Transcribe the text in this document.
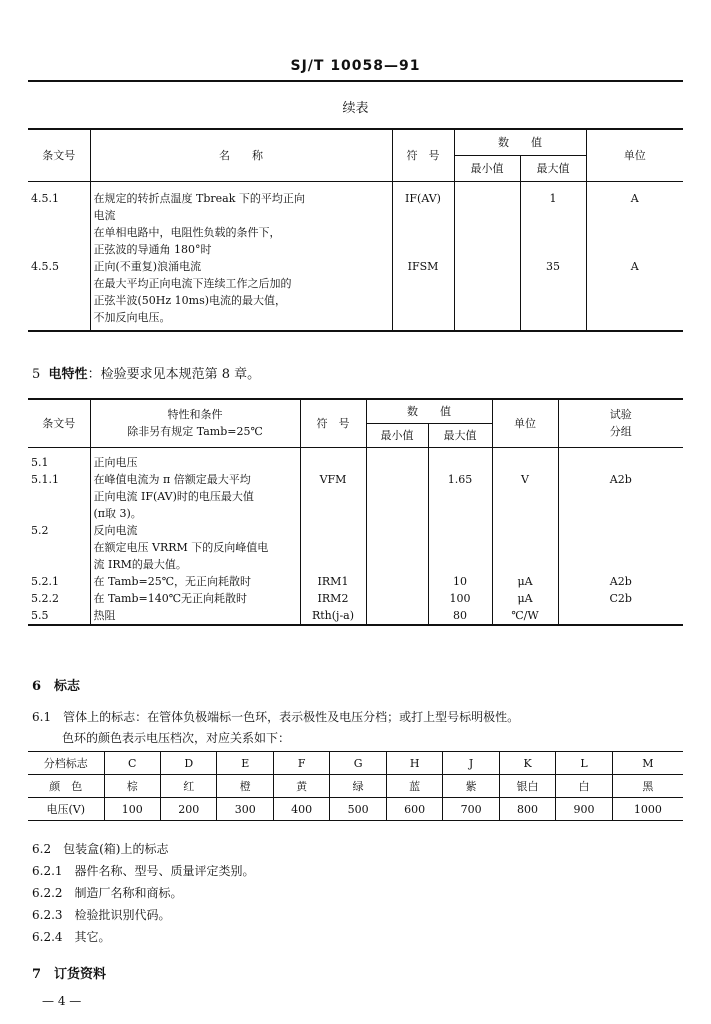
SJ/T 10058—91
续表
条文号	名　　称	符　号	数　　值		单位
			最小值	最大值	

4.5.1	在规定的转折点温度 Tbreak 下的平均正向
电流	IF(AV)		1	A

	在单相电路中，电阻性负载的条件下，
正弦波的导通角 180°时				

4.5.5	正向(不重复)浪涌电流
在最大平均正向电流下连续工作之后加的
正弦半波(50Hz 10ms)电流的最大值，
不加反向电压。	IFSM		35	A
5 电特性：检验要求见本规范第 8 章。
条文号	特性和条件
除非另有规定 Tamb=25℃	符　号	数　　值		单位	试验
分组

			最小值	最大值		

5.1	正向电压					

5.1.1	在峰值电流为 π 倍额定最大平均
正向电流 IF(AV)时的电压最大值
(π取 3)。	VFM		1.65	V	A2b

5.2	反向电流
在额定电压 VRRM 下的反向峰值电
流 IRM的最大值。					

5.2.1	在 Tamb=25℃，无正向耗散时	IRM1		10	μA	A2b

5.2.2	在 Tamb=140℃无正向耗散时	IRM2		100	μA	C2b

5.5	热阻	Rth(j-a)		80	℃/W	

6　标志
6.1　管体上的标志：在管体负极端标一色环，表示极性及电压分档；或打上型号标明极性。
色环的颜色表示电压档次，对应关系如下：
分档标志	C	D	E	F	G	H	J	K	L	M
颜　色	棕	红	橙	黄	绿	蓝	紫	银白	白	黑
电压(V)	100	200	300	400	500	600	700	800	900	1000
6.2　包装盒(箱)上的标志
6.2.1　器件名称、型号、质量评定类别。
6.2.2　制造厂名称和商标。
6.2.3　检验批识别代码。
6.2.4　其它。
7　订货资料
— 4 —
